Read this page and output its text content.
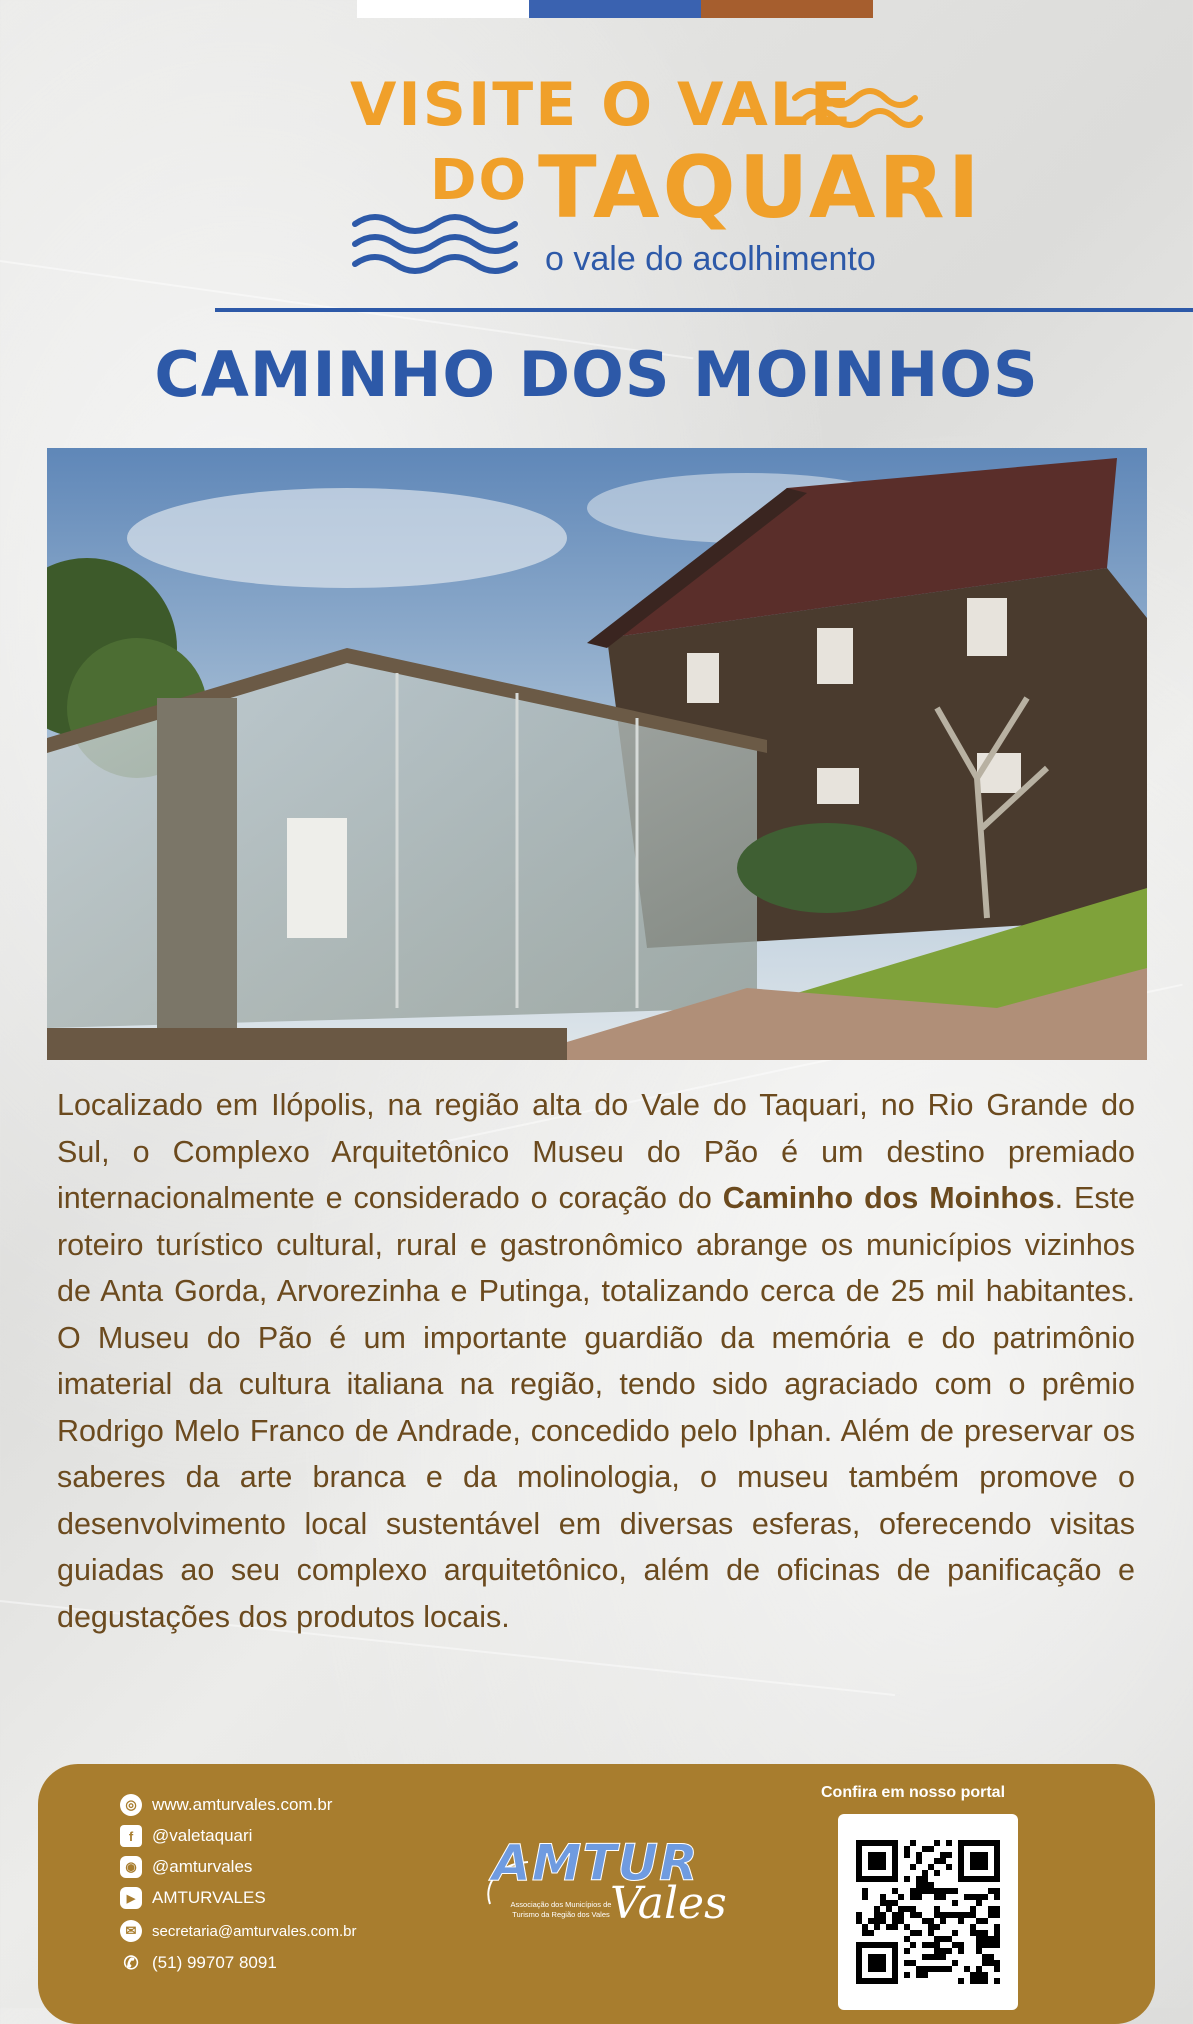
VISITE O VALE
DO TAQUARI
o vale do acolhimento
CAMINHO DOS MOINHOS
Localizado em Ilópolis, na região alta do Vale do Taquari, no Rio Grande do Sul, o Complexo Arquitetônico Museu do Pão é um destino premiado internacionalmente e considerado o coração do Caminho dos Moinhos. Este roteiro turístico cultural, rural e gastronômico abrange os municípios vizinhos de Anta Gorda, Arvorezinha e Putinga, totalizando cerca de 25 mil habitantes. O Museu do Pão é um importante guardião da memória e do patrimônio imaterial da cultura italiana na região, tendo sido agraciado com o prêmio Rodrigo Melo Franco de Andrade, concedido pelo Iphan. Além de preservar os saberes da arte branca e da molinologia, o museu também promove o desenvolvimento local sustentável em diversas esferas, oferecendo visitas guiadas ao seu complexo arquitetônico, além de oficinas de panificação e degustações dos produtos locais.
◎ www.amturvales.com.br
f	@valetaquari
◉ @amturvales
▶ AMTURVALES
✉	secretaria@amturvales.com.br
✆ (51) 99707 8091
AMTUR
Vales
Associação dos Municípios de
Turismo da Região dos Vales
Confira em nosso portal
